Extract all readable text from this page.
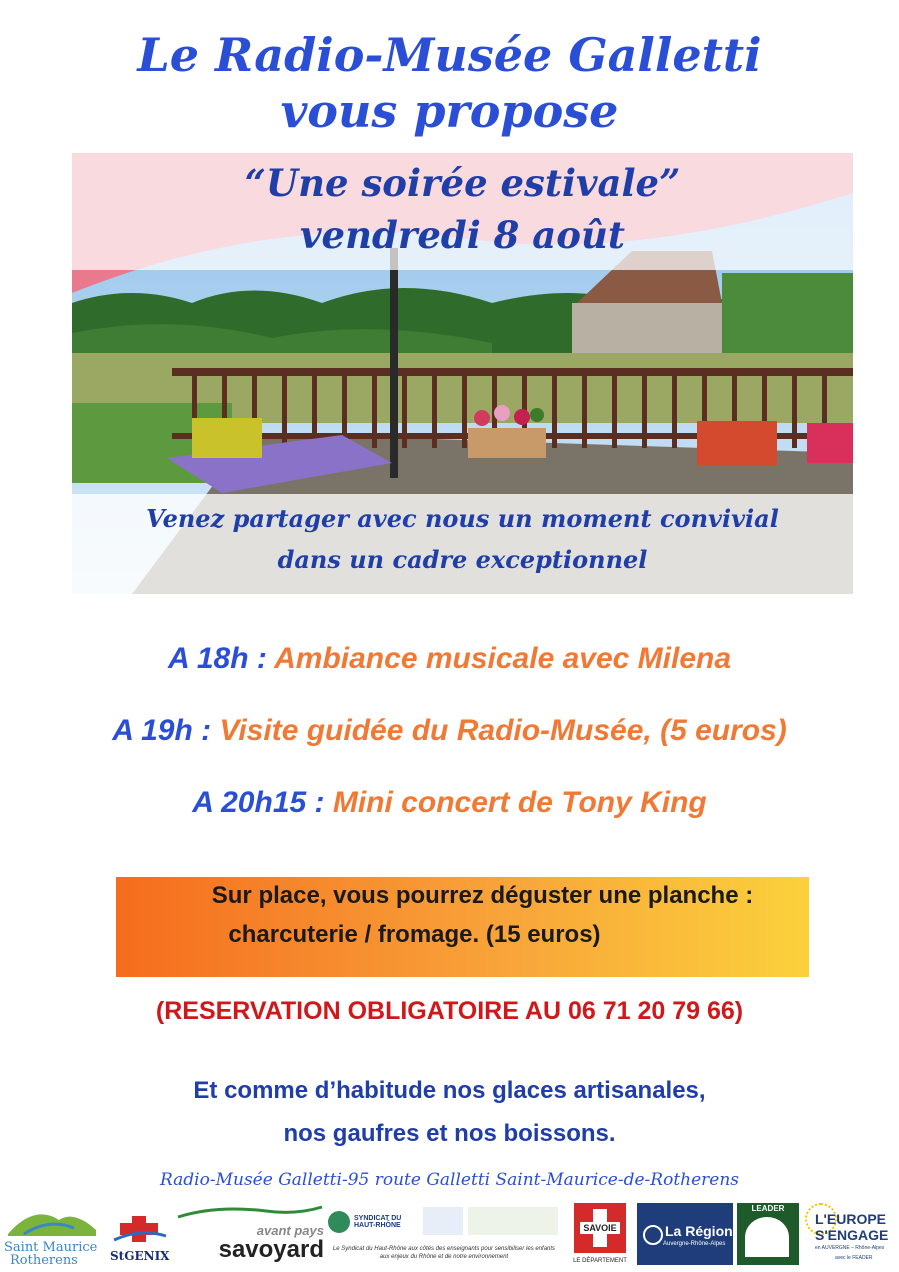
Le Radio-Musée Galletti
vous propose
“Une soirée estivale”
vendredi 8 août
Venez partager avec nous un moment convivial
dans un cadre exceptionnel
A 18h : Ambiance musicale avec Milena
A 19h : Visite guidée du Radio-Musée, (5 euros)
A 20h15 : Mini concert de Tony King
Sur place, vous pourrez déguster une planche :
charcuterie / fromage. (15 euros)
(RESERVATION OBLIGATOIRE AU 06 71 20 79 66)
Et comme d’habitude nos glaces artisanales,
nos gaufres et nos boissons.
Radio-Musée Galletti-95 route Galletti Saint-Maurice-de-Rotherens
Saint Maurice
Rotherens	StGENIX
avant pays
savoyard
SYNDICAT DU HAUT-RHÔNE
Le Syndicat du Haut-Rhône aux côtés des enseignants pour sensibiliser les enfants aux enjeux du Rhône et de notre environnement
SAVOIE
LE DÉPARTEMENT
La Région
Auvergne-Rhône-Alpes
LEADER
L'EUROPE
S'ENGAGE
en AUVERGNE – Rhône-Alpes
avec le FEADER
